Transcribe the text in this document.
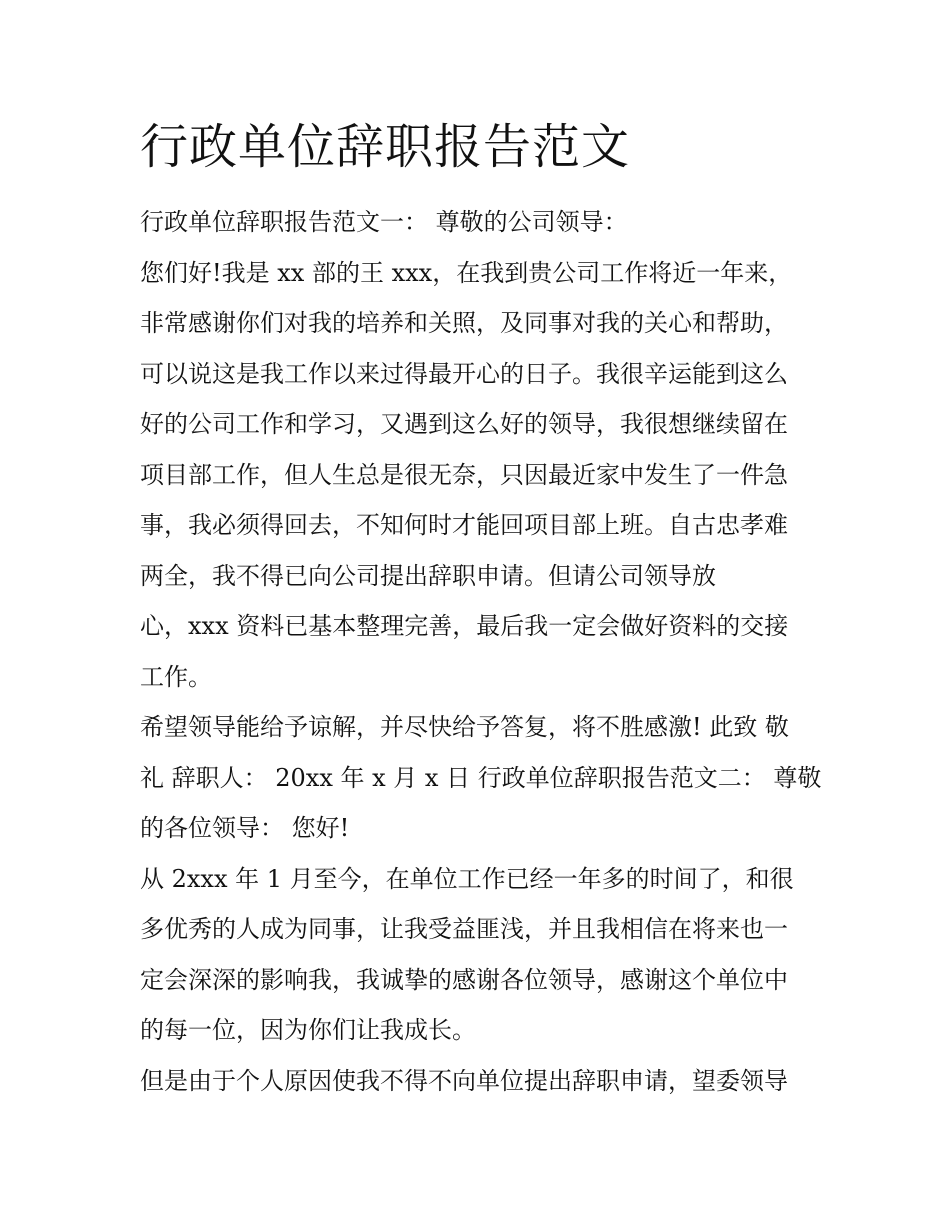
行政单位辞职报告范文

行政单位辞职报告范文一： 尊敬的公司领导：

您们好!我是 xx 部的王 xxx，在我到贵公司工作将近一年来，

非常感谢你们对我的培养和关照，及同事对我的关心和帮助，

可以说这是我工作以来过得最开心的日子。我很辛运能到这么

好的公司工作和学习，又遇到这么好的领导，我很想继续留在

项目部工作，但人生总是很无奈，只因最近家中发生了一件急

事，我必须得回去，不知何时才能回项目部上班。自古忠孝难

两全，我不得已向公司提出辞职申请。但请公司领导放

心，xxx 资料已基本整理完善，最后我一定会做好资料的交接

工作。

希望领导能给予谅解，并尽快给予答复，将不胜感激! 此致 敬

礼 辞职人： 20xx 年 x 月 x 日 行政单位辞职报告范文二： 尊敬

的各位领导： 您好!

从 2xxx 年 1 月至今，在单位工作已经一年多的时间了，和很

多优秀的人成为同事，让我受益匪浅，并且我相信在将来也一

定会深深的影响我，我诚挚的感谢各位领导，感谢这个单位中

的每一位，因为你们让我成长。

但是由于个人原因使我不得不向单位提出辞职申请，望委领导
